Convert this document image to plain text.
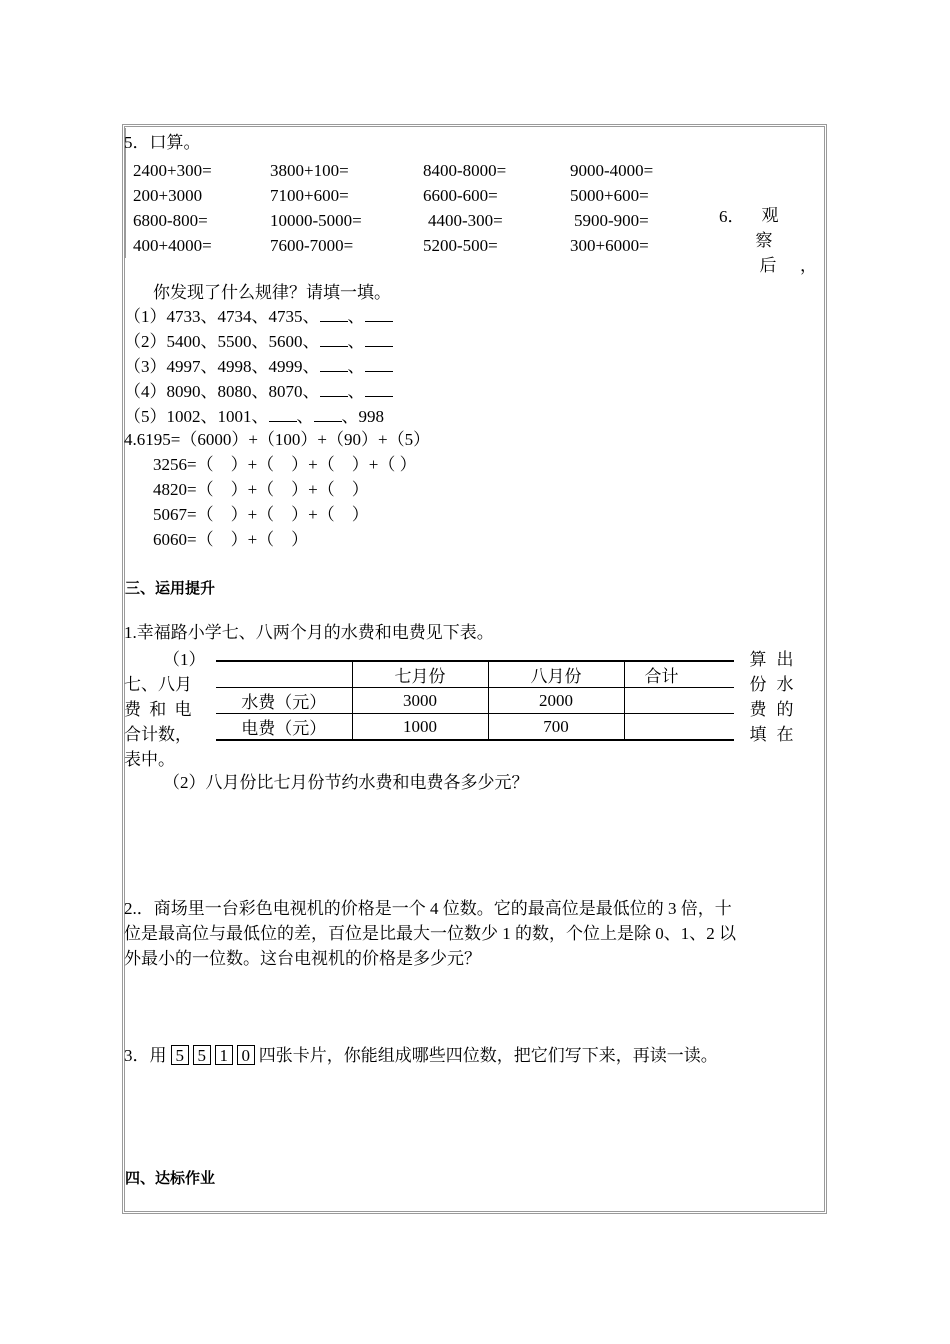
5．口算。
2400+300=	3800+100=	8400-8000=	9000-4000=
200+3000	7100+600=	6600-600=	5000+600=
6800-800=	10000-5000=	4400-300=	5900-900=
400+4000=	7600-7000=	5200-500=	300+6000=
6． 观
察
后	，
你发现了什么规律？请填一填。
（1）4733、4734、4735、 、
（2）5400、5500、5600、 、
（3）4997、4998、4999、 、
（4）8090、8080、8070、 、
（5）1002、1001、 、 、998
4.6195=（6000）+（100）+（90）+（5）
3256=（　）+（　）+（　）+（ ）
4820=（　）+（　）+（　）
5067=（　）+（　）+（　）
6060=（　）+（　）
三、运用提升
1.幸福路小学七、八两个月的水费和电费见下表。
（1）
七、八月
费 和 电
合计数，
表中。
	七月份	八月份	合计
水费（元）	3000	2000	
电费（元）	1000	700	
算
份
费
填
出
水
的
在
（2）八月份比七月份节约水费和电费各多少元？
2.．商场里一台彩色电视机的价格是一个 4 位数。它的最高位是最低位的 3 倍，十
位是最高位与最低位的差，百位是比最大一位数少 1 的数，个位上是除 0、1、2 以
外最小的一位数。这台电视机的价格是多少元？
3．用 5 5 1 0 四张卡片，你能组成哪些四位数，把它们写下来，再读一读。
四、达标作业
